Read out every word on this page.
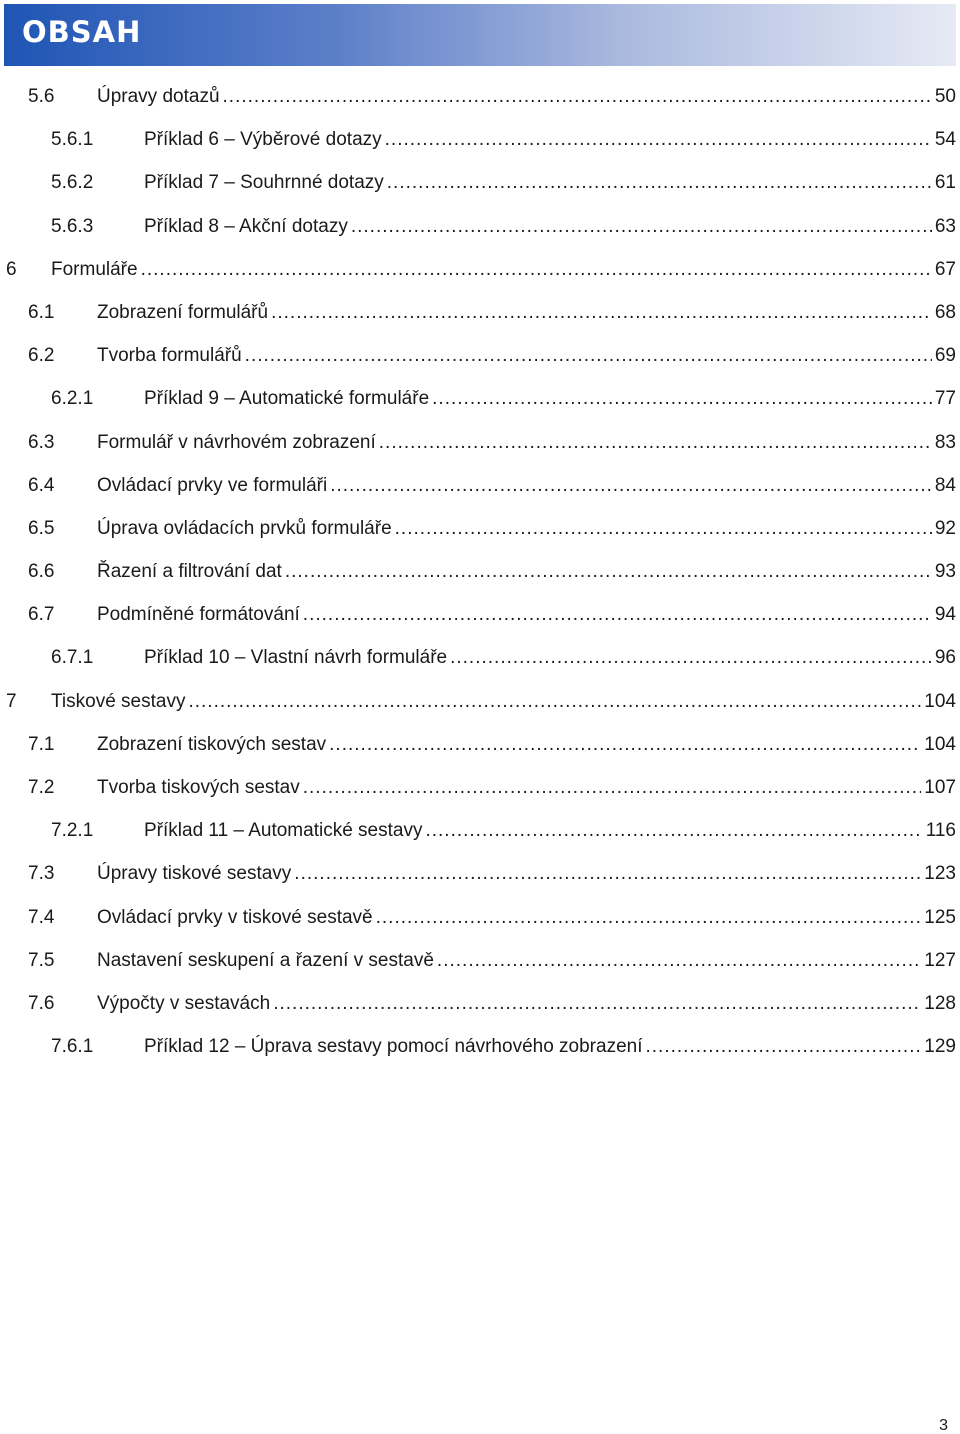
OBSAH
5.6 Úpravy dotazů .....	50
5.6.1	Příklad 6 – Výběrové dotazy .....	54
5.6.2	Příklad 7 – Souhrnné dotazy .....	61
5.6.3	Příklad 8 – Akční dotazy .....	63
6 Formuláře .....	67
6.1 Zobrazení formulářů .....	68
6.2 Tvorba formulářů .....	69
6.2.1	Příklad 9 – Automatické formuláře .....	77
6.3 Formulář v návrhovém zobrazení .....	83
6.4 Ovládací prvky ve formuláři .....	84
6.5 Úprava ovládacích prvků formuláře .....	92
6.6 Řazení a filtrování dat .....	93
6.7 Podmíněné formátování .....	94
6.7.1	Příklad 10 – Vlastní návrh formuláře .....	96
7 Tiskové sestavy .....	104
7.1 Zobrazení tiskových sestav .....	104
7.2 Tvorba tiskových sestav .....	107
7.2.1	Příklad 11 – Automatické sestavy .....	116
7.3 Úpravy tiskové sestavy .....	123
7.4 Ovládací prvky v tiskové sestavě .....	125
7.5 Nastavení seskupení a řazení v sestavě .....	127
7.6 Výpočty v sestavách .....	128
7.6.1	Příklad 12 – Úprava sestavy pomocí návrhového zobrazení .....	129
3
